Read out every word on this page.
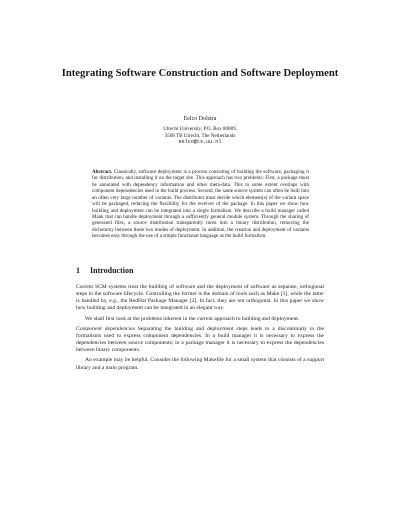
Integrating Software Construction and Software Deployment
Eelco Dolstra
Utrecht University, P.O. Box 80089,
3508 TB Utrecht, The Netherlands
eelco@cs.uu.nl
Abstract. Classically, software deployment is a process consisting of building the software, packaging it for distribution, and installing it on the target site. This approach has two problems: First, a package must be annotated with dependency information and other meta-data. This to some extent overlaps with component dependencies used in the build process. Second, the same source system can often be built into an often very large number of variants. The distributor must decide which element(s) of the variant space will be packaged, reducing the flexibility for the receiver of the package. In this paper we show how building and deployment can be integrated into a single formalism. We describe a build manager called Maak that can handle deployment through a sufficiently general module system. Through the sharing of generated files, a source distribution transparently turns into a binary distribution, removing the dichotomy between these two modes of deployment. In addition, the creation and deployment of variants becomes easy through the use of a simple functional language as the build formalism.
1 Introduction

Current SCM systems treat the building of software and the deployment of software as separate, orthogonal steps in the software lifecycle. Controlling the former is the domain of tools such as Make [3], while the latter is handled by, e.g., the RedHat Package Manager [2]. In fact, they are not orthogonal. In this paper we show how building and deployment can be integrated in an elegant way.

We shall first look at the problems inherent in the current approach to building and deployment.

Component dependencies Separating the building and deployment steps leads to a discontinuity in the formalisms used to express component dependencies. In a build manager it is necessary to express the dependencies between source components; in a package manager it is necessary to express the dependencies between binary components.

An example may be helpful. Consider the following Makefile for a small system that consists of a support library and a main program.
